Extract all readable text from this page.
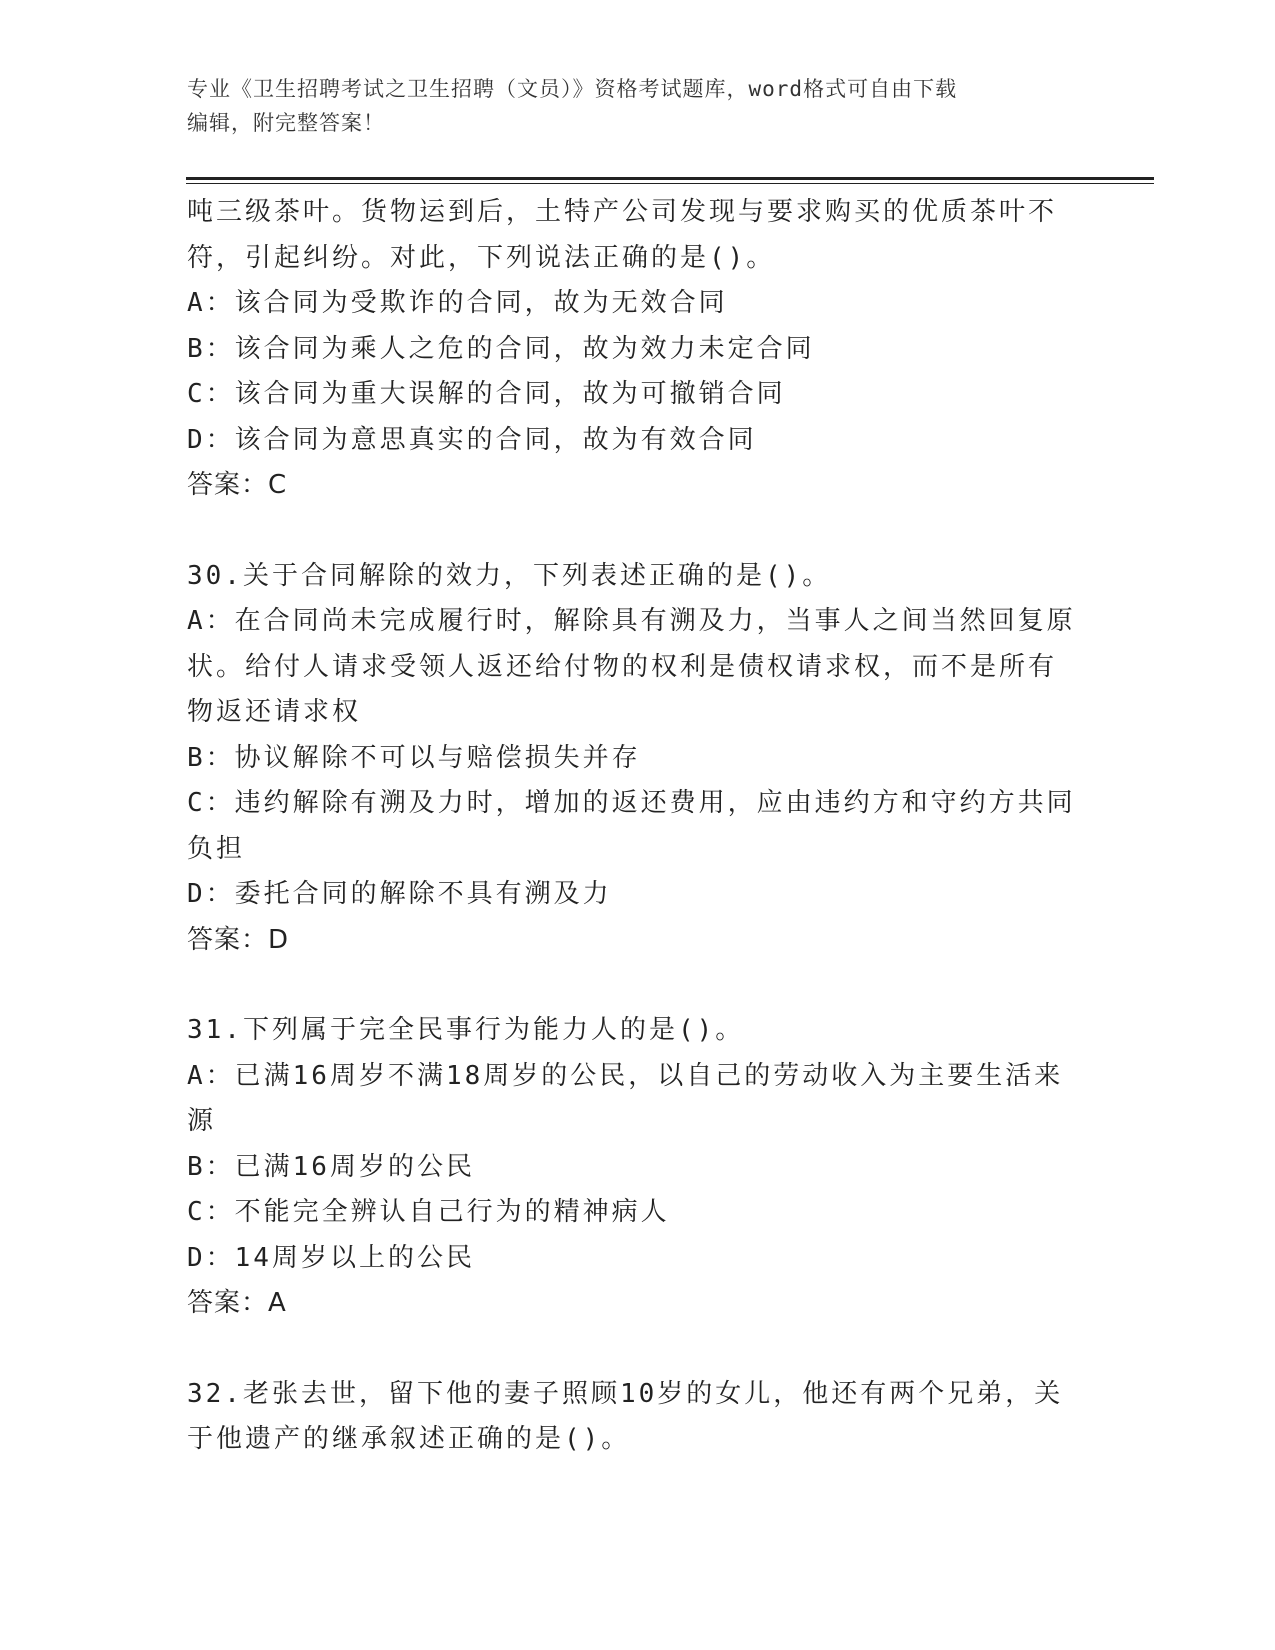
专业《卫生招聘考试之卫生招聘（文员）》资格考试题库，word格式可自由下载
编辑，附完整答案！

吨三级茶叶。货物运到后，土特产公司发现与要求购买的优质茶叶不

符，引起纠纷。对此，下列说法正确的是()。

A：该合同为受欺诈的合同，故为无效合同

B：该合同为乘人之危的合同，故为效力未定合同

C：该合同为重大误解的合同，故为可撤销合同

D：该合同为意思真实的合同，故为有效合同

答案：C

30.关于合同解除的效力，下列表述正确的是()。

A：在合同尚未完成履行时，解除具有溯及力，当事人之间当然回复原

状。给付人请求受领人返还给付物的权利是债权请求权，而不是所有

物返还请求权

B：协议解除不可以与赔偿损失并存

C：违约解除有溯及力时，增加的返还费用，应由违约方和守约方共同

负担

D：委托合同的解除不具有溯及力

答案：D

31.下列属于完全民事行为能力人的是()。

A：已满16周岁不满18周岁的公民，以自己的劳动收入为主要生活来

源

B：已满16周岁的公民

C：不能完全辨认自己行为的精神病人

D：14周岁以上的公民

答案：A

32.老张去世，留下他的妻子照顾10岁的女儿，他还有两个兄弟，关

于他遗产的继承叙述正确的是()。
